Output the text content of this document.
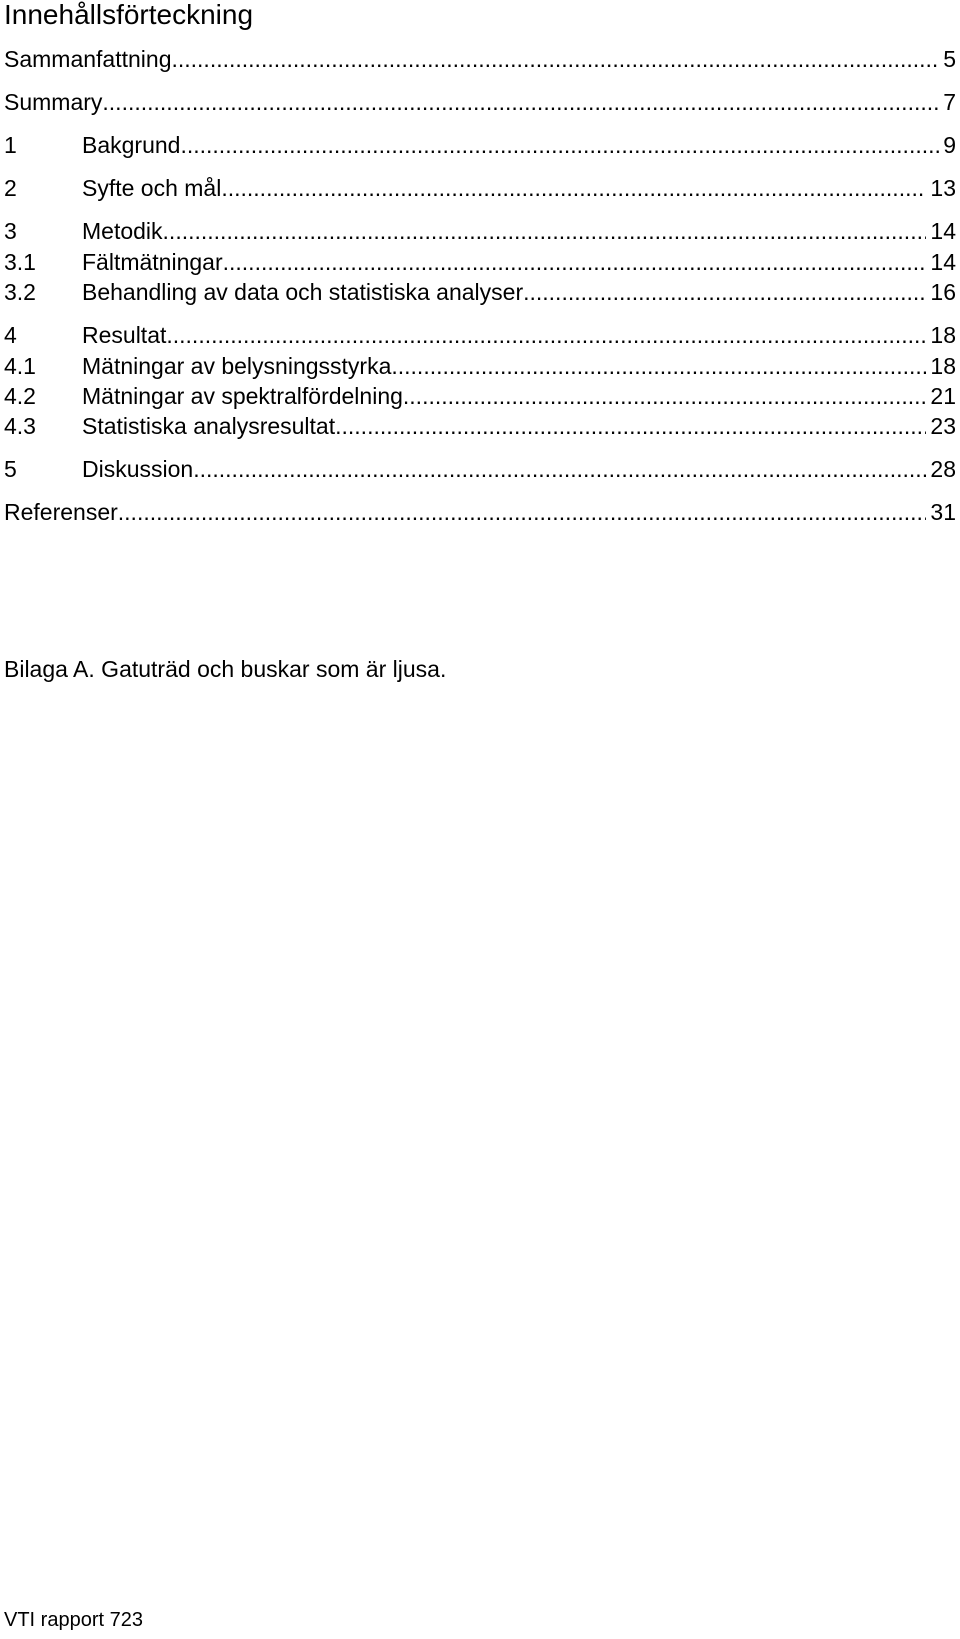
Innehållsförteckning
Sammanfattning .....	5
Summary .....	7
1	Bakgrund .....	9
2	Syfte och mål .....	13
3	Metodik .....	14
3.1	Fältmätningar .....	14
3.2	Behandling av data och statistiska analyser .....	16
4	Resultat .....	18
4.1	Mätningar av belysningsstyrka .....	18
4.2	Mätningar av spektralfördelning .....	21
4.3	Statistiska analysresultat .....	23
5	Diskussion .....	28
Referenser .....	31
Bilaga A. Gatuträd och buskar som är ljusa.
VTI rapport 723
